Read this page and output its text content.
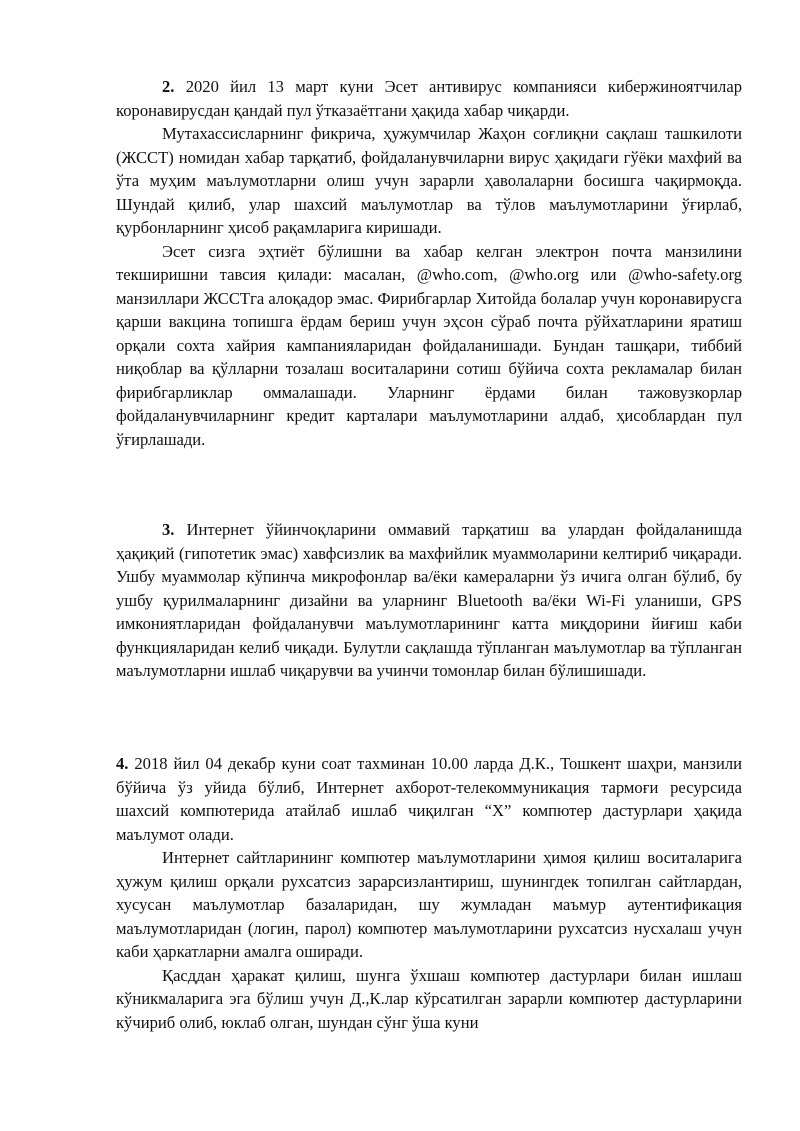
2. 2020 йил 13 март куни Эсет антивирус компанияси кибержиноятчилар коронавирусдан қандай пул ўтказаётгани ҳақида хабар чиқарди.

Мутахассисларнинг фикрича, ҳужумчилар Жаҳон соғлиқни сақлаш ташкилоти (ЖССТ) номидан хабар тарқатиб, фойдаланувчиларни вирус ҳақидаги гўёки махфий ва ўта муҳим маълумотларни олиш учун зарарли ҳаволаларни босишга чақирмоқда. Шундай қилиб, улар шахсий маълумотлар ва тўлов маълумотларини ўғирлаб, қурбонларнинг ҳисоб рақамларига киришади.

Эсет сизга эҳтиёт бўлишни ва хабар келган электрон почта манзилини текширишни тавсия қилади: масалан, @who.com, @who.org или @who-safety.org манзиллари ЖССТга алоқадор эмас. Фирибгарлар Хитойда болалар учун коронавирусга қарши вакцина топишга ёрдам бериш учун эҳсон сўраб почта рўйхатларини яратиш орқали сохта хайрия кампанияларидан фойдаланишади. Бундан ташқари, тиббий ниқоблар ва қўлларни тозалаш воситаларини сотиш бўйича сохта рекламалар билан фирибгарликлар оммалашади. Уларнинг ёрдами билан тажовузкорлар фойдаланувчиларнинг кредит карталари маълумотларини алдаб, ҳисоблардан пул ўғирлашади.

3. Интернет ўйинчоқларини оммавий тарқатиш ва улардан фойдаланишда ҳақиқий (гипотетик эмас) хавфсизлик ва махфийлик муаммоларини келтириб чиқаради. Ушбу муаммолар кўпинча микрофонлар ва/ёки камераларни ўз ичига олган бўлиб, бу ушбу қурилмаларнинг дизайни ва уларнинг Bluetooth ва/ёки Wi-Fi уланиши, GPS имкониятларидан фойдаланувчи маълумотларининг катта миқдорини йиғиш каби функцияларидан келиб чиқади. Булутли сақлашда тўпланган маълумотлар ва тўпланган маълумотларни ишлаб чиқарувчи ва учинчи томонлар билан бўлишишади.

4. 2018 йил 04 декабр куни соат тахминан 10.00 ларда Д.К., Тошкент шаҳри, манзили бўйича ўз уйида бўлиб, Интернет ахборот-телекоммуникация тармоғи ресурсида шахсий компютерида атайлаб ишлаб чиқилган “X” компютер дастурлари ҳақида маълумот олади.

Интернет сайтларининг компютер маълумотларини ҳимоя қилиш воситаларига ҳужум қилиш орқали рухсатсиз зарарсизлантириш, шунингдек топилган сайтлардан, хусусан маълумотлар базаларидан, шу жумладан маъмур аутентификация маълумотларидан (логин, парол) компютер маълумотларини рухсатсиз нусхалаш учун каби ҳаркатларни амалга оширади.

Қасддан ҳаракат қилиш, шунга ўхшаш компютер дастурлари билан ишлаш кўникмаларига эга бўлиш учун Д.,К.лар кўрсатилган зарарли компютер дастурларини кўчириб олиб, юклаб олган, шундан сўнг ўша куни
